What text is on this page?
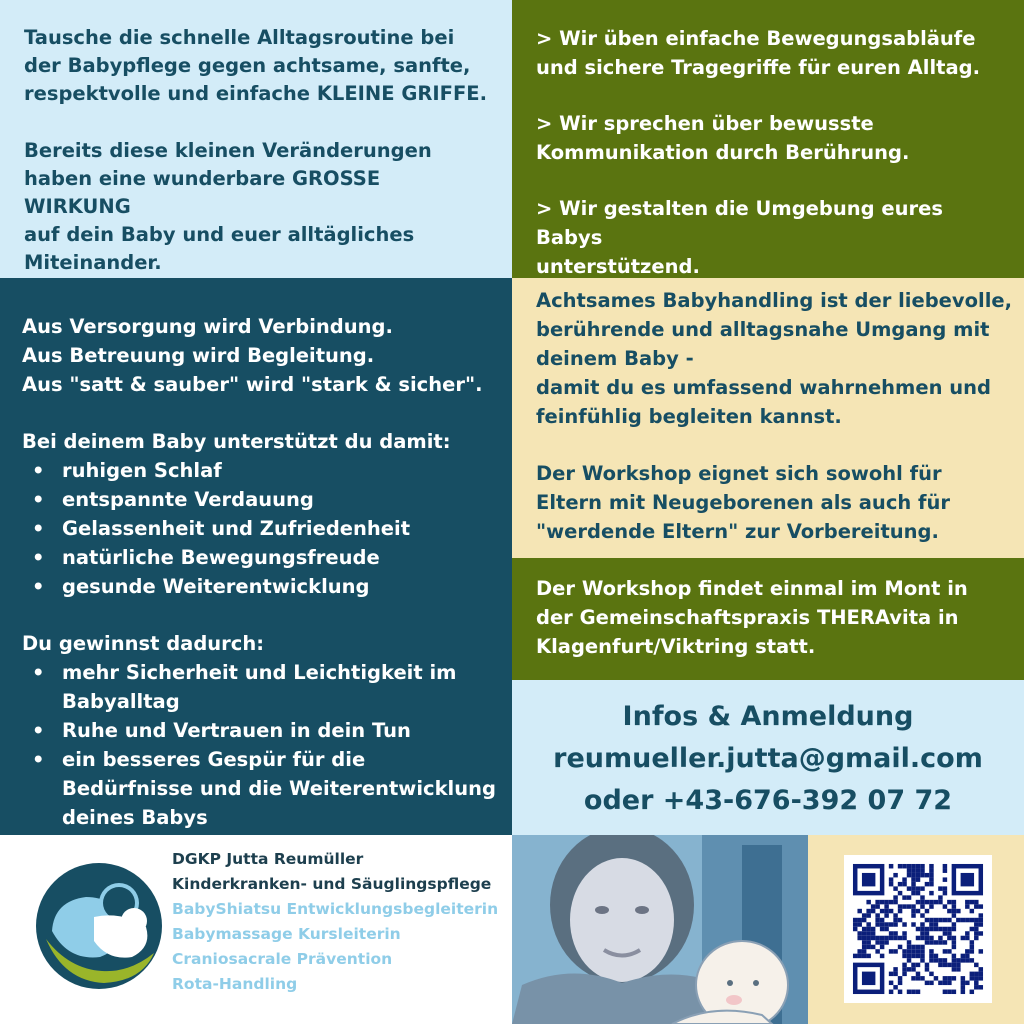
Tausche die schnelle Alltagsroutine bei

der Babypflege gegen achtsame, sanfte,

respektvolle und einfache KLEINE GRIFFE.

Bereits diese kleinen Veränderungen

haben eine wunderbare GROSSE WIRKUNG

auf dein Baby und euer alltägliches

Miteinander.

> Wir üben einfache Bewegungsabläufe

und sichere Tragegriffe für euren Alltag.

> Wir sprechen über bewusste

Kommunikation durch Berührung.

> Wir gestalten die Umgebung eures Babys

unterstützend.

Aus Versorgung wird Verbindung.

Aus Betreuung wird Begleitung.

Aus "satt & sauber" wird "stark & sicher".

Bei deinem Baby unterstützt du damit:

• ruhigen Schlaf
• entspannte Verdauung
• Gelassenheit und Zufriedenheit
• natürliche Bewegungsfreude
• gesunde Weiterentwicklung

Du gewinnst dadurch:

• mehr Sicherheit und Leichtigkeit im Babyalltag
• Ruhe und Vertrauen in dein Tun
• ein besseres Gespür für die Bedürfnisse und die Weiterentwicklung deines Babys

Achtsames Babyhandling ist der liebevolle,

berührende und alltagsnahe Umgang mit

deinem Baby -

damit du es umfassend wahrnehmen und

feinfühlig begleiten kannst.

Der Workshop eignet sich sowohl für

Eltern mit Neugeborenen als auch für

"werdende Eltern" zur Vorbereitung.

Der Workshop findet einmal im Mont in

der Gemeinschaftspraxis THERAvita in

Klagenfurt/Viktring statt.

Infos & Anmeldung

reumueller.jutta@gmail.com

oder +43-676-392 07 72

DGKP Jutta Reumüller

Kinderkranken- und Säuglingspflege

BabyShiatsu Entwicklungsbegleiterin

Babymassage Kursleiterin

Craniosacrale Prävention

Rota-Handling
